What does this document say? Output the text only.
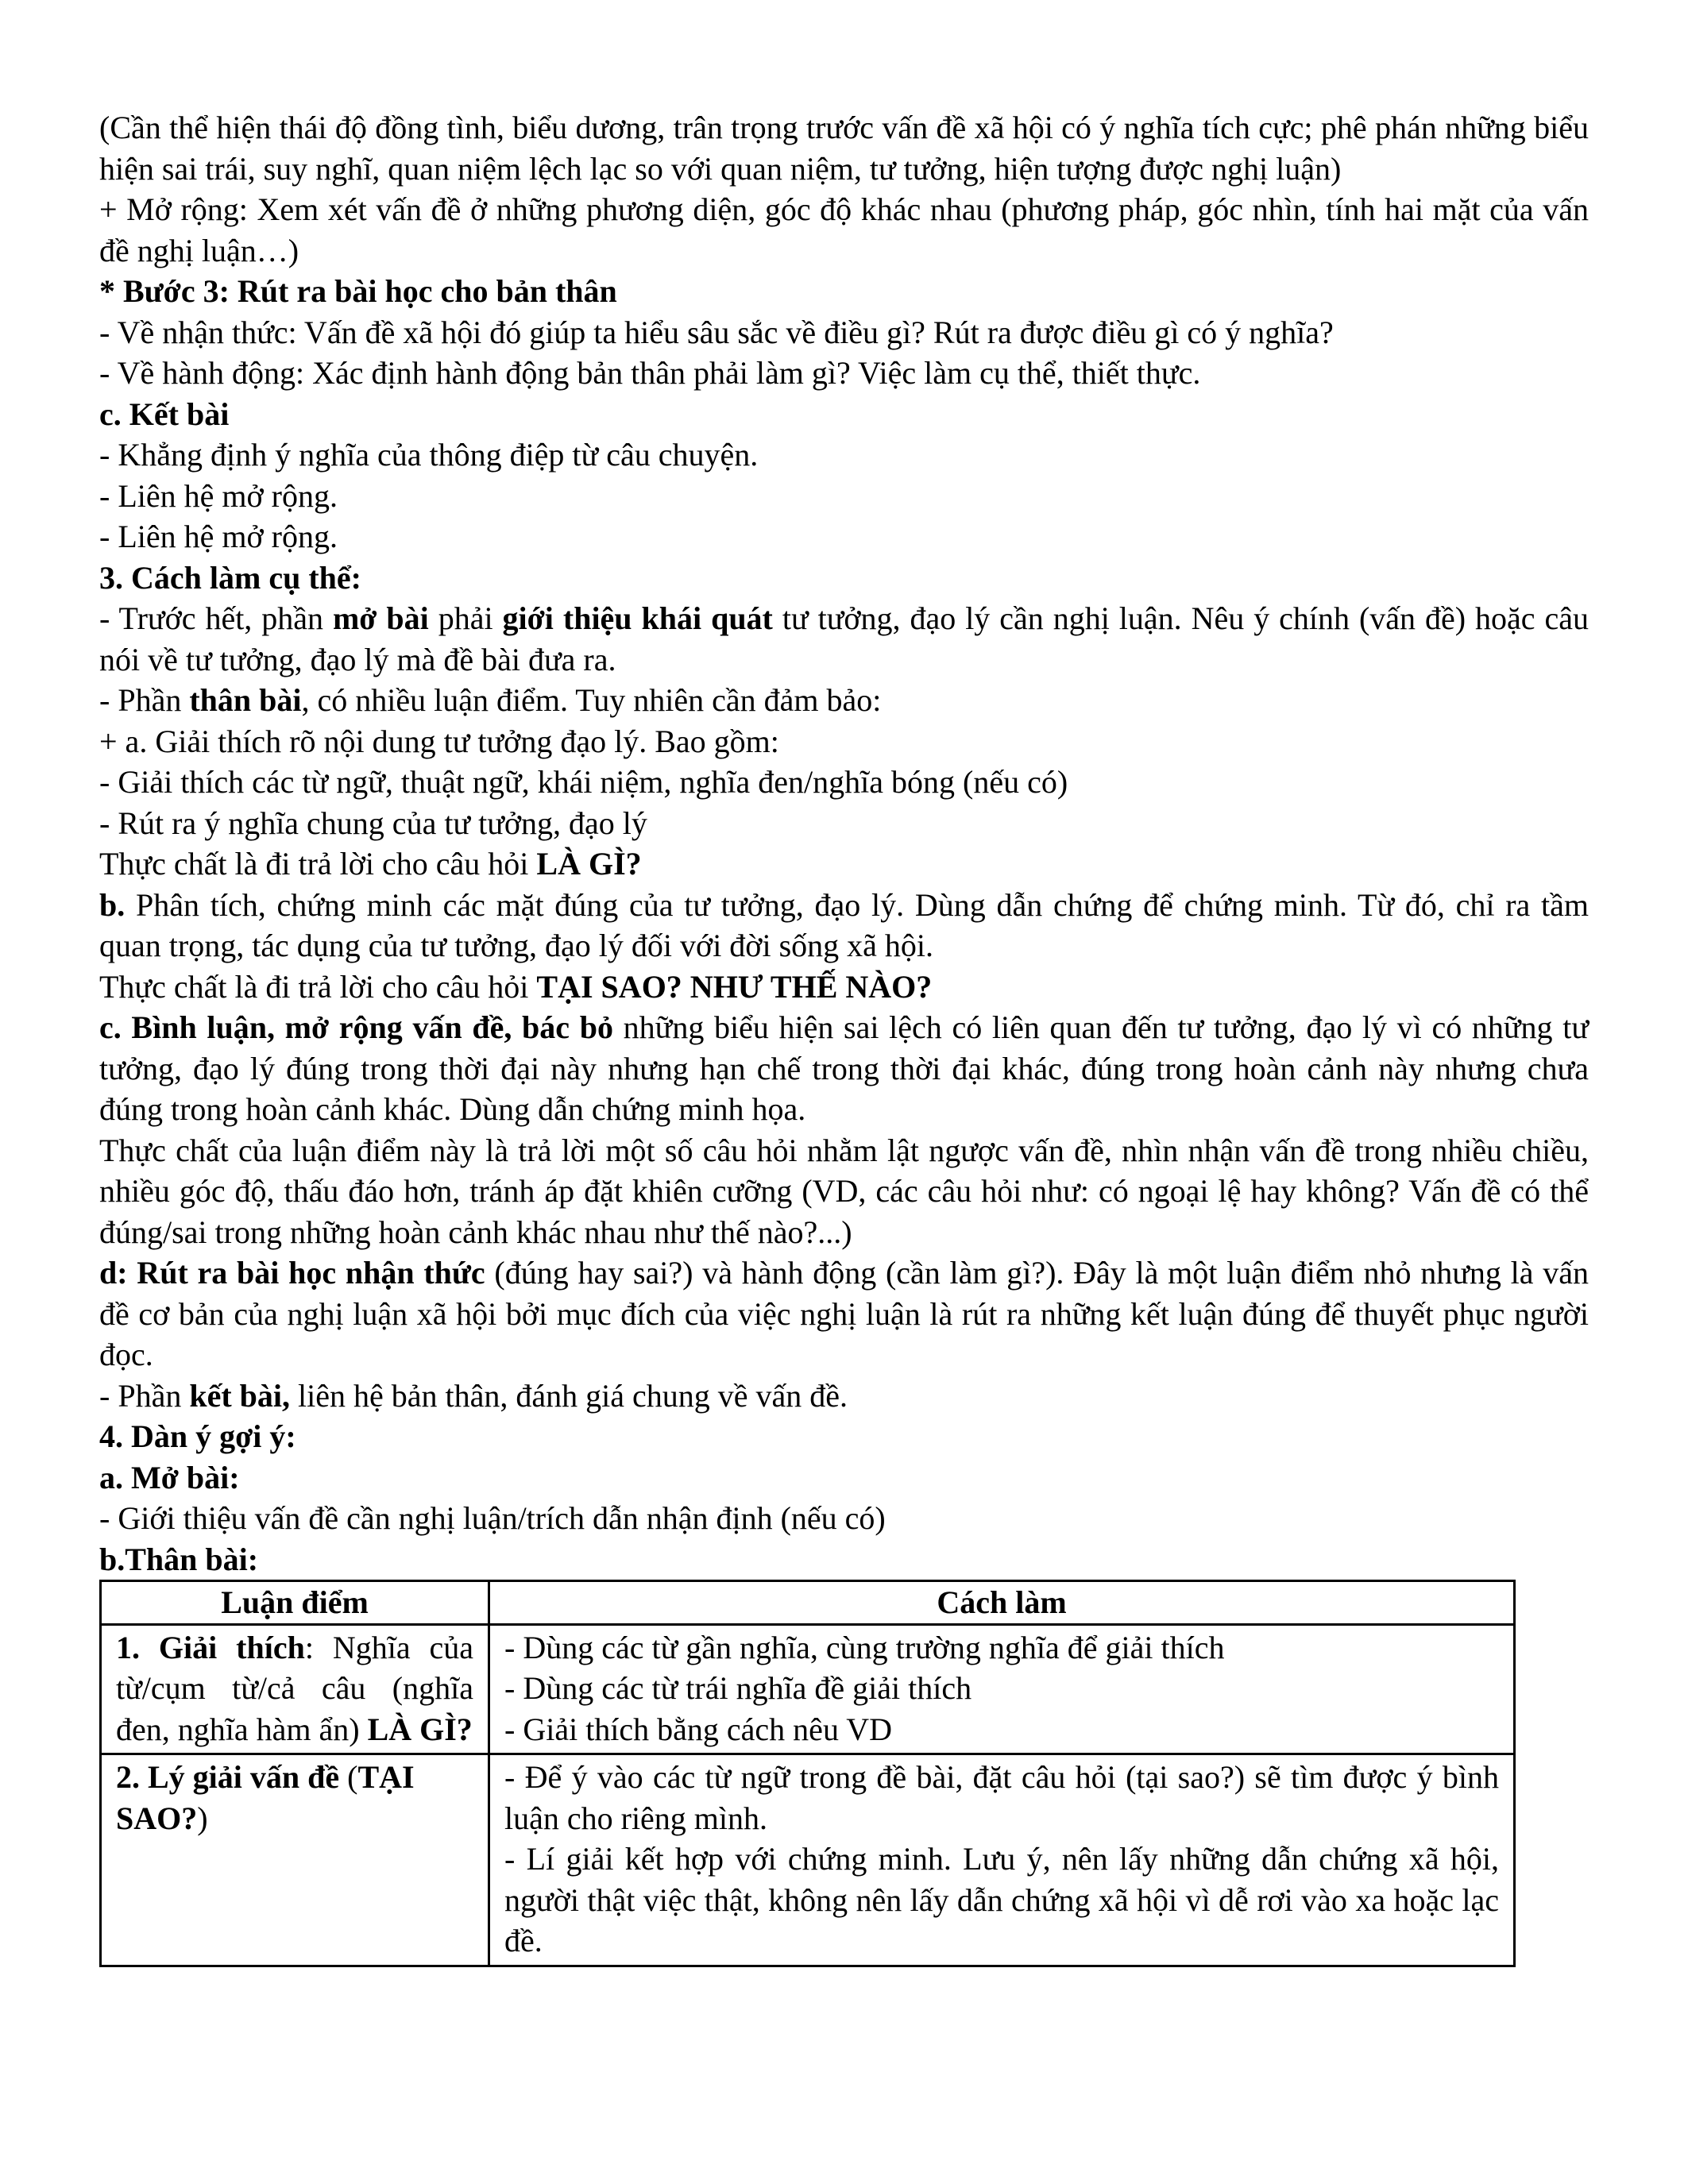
(Cần thể hiện thái độ đồng tình, biểu dương, trân trọng trước vấn đề xã hội có ý nghĩa tích cực; phê phán những biểu hiện sai trái, suy nghĩ, quan niệm lệch lạc so với quan niệm, tư tưởng, hiện tượng được nghị luận)

+ Mở rộng: Xem xét vấn đề ở những phương diện, góc độ khác nhau (phương pháp, góc nhìn, tính hai mặt của vấn đề nghị luận…)

* Bước 3: Rút ra bài học cho bản thân

- Về nhận thức: Vấn đề xã hội đó giúp ta hiểu sâu sắc về điều gì? Rút ra được điều gì có ý nghĩa?

- Về hành động: Xác định hành động bản thân phải làm gì? Việc làm cụ thể, thiết thực.

c. Kết bài

- Khẳng định ý nghĩa của thông điệp từ câu chuyện.

- Liên hệ mở rộng.

- Liên hệ mở rộng.

3. Cách làm cụ thể:

- Trước hết, phần mở bài phải giới thiệu khái quát tư tưởng, đạo lý cần nghị luận. Nêu ý chính (vấn đề) hoặc câu nói về tư tưởng, đạo lý mà đề bài đưa ra.

- Phần thân bài, có nhiều luận điểm. Tuy nhiên cần đảm bảo:

+ a. Giải thích rõ nội dung tư tưởng đạo lý. Bao gồm:

- Giải thích các từ ngữ, thuật ngữ, khái niệm, nghĩa đen/nghĩa bóng (nếu có)

- Rút ra ý nghĩa chung của tư tưởng, đạo lý

Thực chất là đi trả lời cho câu hỏi LÀ GÌ?

b. Phân tích, chứng minh các mặt đúng của tư tưởng, đạo lý. Dùng dẫn chứng để chứng minh. Từ đó, chỉ ra tầm quan trọng, tác dụng của tư tưởng, đạo lý đối với đời sống xã hội.

Thực chất là đi trả lời cho câu hỏi TẠI SAO? NHƯ THẾ NÀO?

c. Bình luận, mở rộng vấn đề, bác bỏ những biểu hiện sai lệch có liên quan đến tư tưởng, đạo lý vì có những tư tưởng, đạo lý đúng trong thời đại này nhưng hạn chế trong thời đại khác, đúng trong hoàn cảnh này nhưng chưa đúng trong hoàn cảnh khác. Dùng dẫn chứng minh họa.

Thực chất của luận điểm này là trả lời một số câu hỏi nhằm lật ngược vấn đề, nhìn nhận vấn đề trong nhiều chiều, nhiều góc độ, thấu đáo hơn, tránh áp đặt khiên cưỡng (VD, các câu hỏi như: có ngoại lệ hay không? Vấn đề có thể đúng/sai trong những hoàn cảnh khác nhau như thế nào?...)

d: Rút ra bài học nhận thức (đúng hay sai?) và hành động (cần làm gì?). Đây là một luận điểm nhỏ nhưng là vấn đề cơ bản của nghị luận xã hội bởi mục đích của việc nghị luận là rút ra những kết luận đúng để thuyết phục người đọc.

- Phần kết bài, liên hệ bản thân, đánh giá chung về vấn đề.

4. Dàn ý gợi ý:

a. Mở bài:

- Giới thiệu vấn đề cần nghị luận/trích dẫn nhận định (nếu có)

b.Thân bài:

Luận điểm	Cách làm
1. Giải thích: Nghĩa của từ/cụm từ/cả câu (nghĩa đen, nghĩa hàm ẩn) LÀ GÌ?	- Dùng các từ gần nghĩa, cùng trường nghĩa để giải thích
- Dùng các từ trái nghĩa đề giải thích
- Giải thích bằng cách nêu VD

2. Lý giải vấn đề (TẠI SAO?)	- Để ý vào các từ ngữ trong đề bài, đặt câu hỏi (tại sao?) sẽ tìm được ý bình luận cho riêng mình.
- Lí giải kết hợp với chứng minh. Lưu ý, nên lấy những dẫn chứng xã hội, người thật việc thật, không nên lấy dẫn chứng xã hội vì dễ rơi vào xa hoặc lạc đề.
